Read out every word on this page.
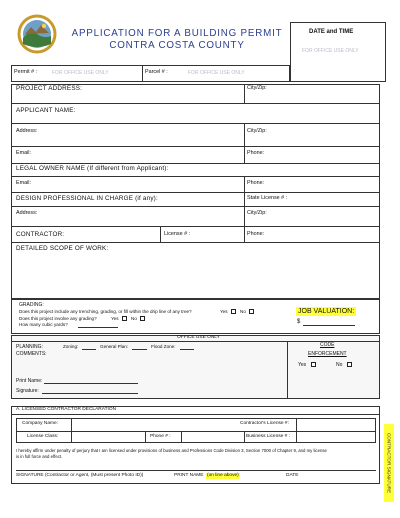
APPLICATION FOR A BUILDING PERMIT
CONTRA COSTA COUNTY
DATE and TIME
FOR OFFICE USE ONLY
Permit # :	FOR OFFICE USE ONLY	Parcel # :	FOR OFFICE USE ONLY
PROJECT ADDRESS:	City/Zip:
APPLICANT NAME:
Address:	City/Zip:
Email:	Phone:
LEGAL OWNER NAME (If different from Applicant):
Email:	Phone:
DESIGN PROFESSIONAL IN CHARGE (if any):	State License # :
Address:	City/Zip:
CONTRACTOR:	License # :	Phone:
DETAILED SCOPE OF WORK:
GRADING:
Does this project include any trenching, grading, or fill within the drip line of any tree?	Yes	No
Does this project involve any grading?	Yes	No
How many cubic yards?
JOB VALUATION:
$
OFFICE USE ONLY
PLANNING:	Zoning:	General Plan:	Flood Zone:
COMMENTS:
CODE
ENFORCEMENT
Yes	No
Print Name:
Signature:
A. LICENSED CONTRACTOR DECLARATION
Company Name:	Contractor's License #:
License Class:	Phone # :	Business License # :
I hereby affirm under penalty of perjury that I am licensed under provisions of business and Professions Code Division 3, Section 7000 of Chapter 9, and my license
is in full force and effect.
SIGNATURE (Contractor or Agent, (Must present Photo ID))	PRINT NAME (on line above)	DATE	CONTRACTOR SIGNATURE
